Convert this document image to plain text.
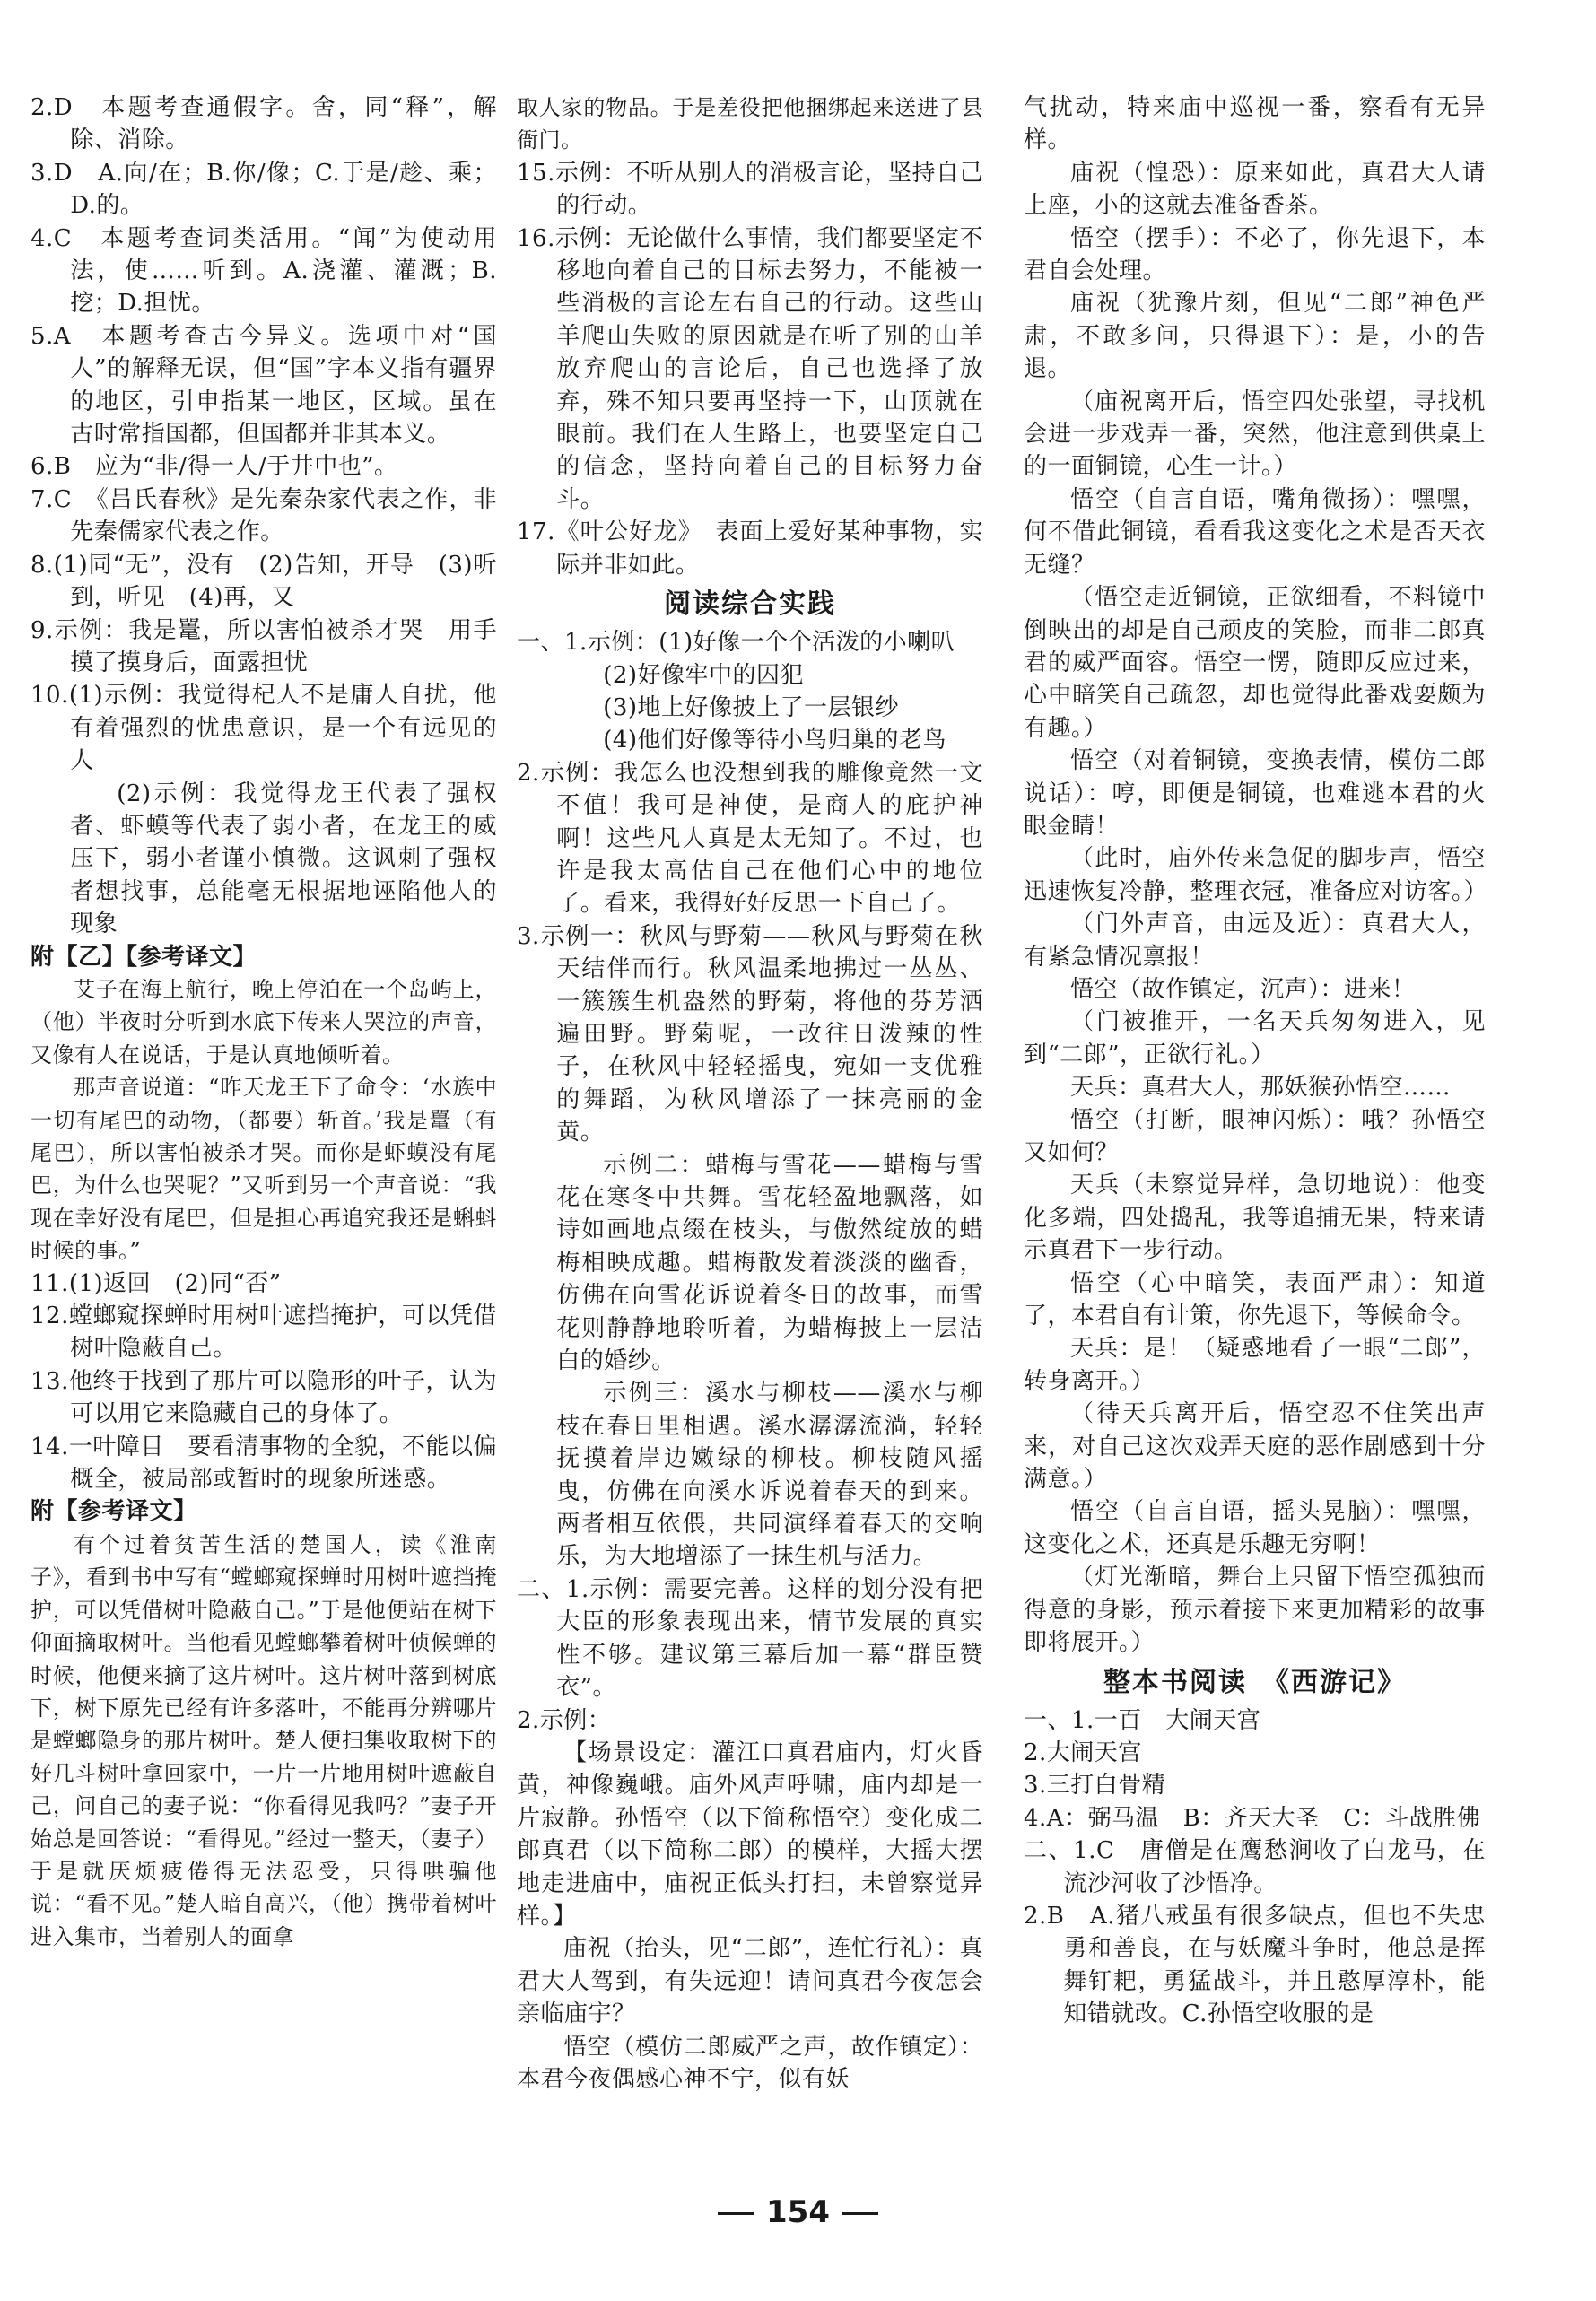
2.D　本题考查通假字。舍，同“释”，解除、消除。

3.D　A.向/在；B.你/像；C.于是/趁、乘；D.的。

4.C　本题考查词类活用。“闻”为使动用法，使……听到。A.浇灌、灌溉；B.挖；D.担忧。

5.A　本题考查古今异义。选项中对“国人”的解释无误，但“国”字本义指有疆界的地区，引申指某一地区，区域。虽在古时常指国都，但国都并非其本义。

6.B　应为“非/得一人/于井中也”。

7.C　《吕氏春秋》是先秦杂家代表之作，非先秦儒家代表之作。

8.(1)同“无”，没有　(2)告知，开导　(3)听到，听见　(4)再，又

9.示例：我是鼍，所以害怕被杀才哭　用手摸了摸身后，面露担忧

10.(1)示例：我觉得杞人不是庸人自扰，他有着强烈的忧患意识，是一个有远见的人

(2)示例：我觉得龙王代表了强权者、虾蟆等代表了弱小者，在龙王的威压下，弱小者谨小慎微。这讽刺了强权者想找事，总能毫无根据地诬陷他人的现象

附【乙】【参考译文】

艾子在海上航行，晚上停泊在一个岛屿上，（他）半夜时分听到水底下传来人哭泣的声音，又像有人在说话，于是认真地倾听着。

那声音说道：“昨天龙王下了命令：‘水族中一切有尾巴的动物，（都要）斩首。’我是鼍（有尾巴），所以害怕被杀才哭。而你是虾蟆没有尾巴，为什么也哭呢？”又听到另一个声音说：“我现在幸好没有尾巴，但是担心再追究我还是蝌蚪时候的事。”

11.(1)返回　(2)同“否”

12.螳螂窥探蝉时用树叶遮挡掩护，可以凭借树叶隐蔽自己。

13.他终于找到了那片可以隐形的叶子，认为可以用它来隐藏自己的身体了。

14.一叶障目　要看清事物的全貌，不能以偏概全，被局部或暂时的现象所迷惑。

附【参考译文】

有个过着贫苦生活的楚国人，读《淮南子》，看到书中写有“螳螂窥探蝉时用树叶遮挡掩护，可以凭借树叶隐蔽自己。”于是他便站在树下仰面摘取树叶。当他看见螳螂攀着树叶侦候蝉的时候，他便来摘了这片树叶。这片树叶落到树底下，树下原先已经有许多落叶，不能再分辨哪片是螳螂隐身的那片树叶。楚人便扫集收取树下的好几斗树叶拿回家中，一片一片地用树叶遮蔽自己，问自己的妻子说：“你看得见我吗？”妻子开始总是回答说：“看得见。”经过一整天，（妻子）于是就厌烦疲倦得无法忍受，只得哄骗他说：“看不见。”楚人暗自高兴，（他）携带着树叶进入集市，当着别人的面拿

取人家的物品。于是差役把他捆绑起来送进了县衙门。

15.示例：不听从别人的消极言论，坚持自己的行动。

16.示例：无论做什么事情，我们都要坚定不移地向着自己的目标去努力，不能被一些消极的言论左右自己的行动。这些山羊爬山失败的原因就是在听了别的山羊放弃爬山的言论后，自己也选择了放弃，殊不知只要再坚持一下，山顶就在眼前。我们在人生路上，也要坚定自己的信念，坚持向着自己的目标努力奋斗。

17.《叶公好龙》　表面上爱好某种事物，实际并非如此。

阅读综合实践

一、1.示例：(1)好像一个个活泼的小喇叭

(2)好像牢中的囚犯

(3)地上好像披上了一层银纱

(4)他们好像等待小鸟归巢的老鸟

2.示例：我怎么也没想到我的雕像竟然一文不值！我可是神使，是商人的庇护神啊！这些凡人真是太无知了。不过，也许是我太高估自己在他们心中的地位了。看来，我得好好反思一下自己了。

3.示例一：秋风与野菊——秋风与野菊在秋天结伴而行。秋风温柔地拂过一丛丛、一簇簇生机盎然的野菊，将他的芬芳洒遍田野。野菊呢，一改往日泼辣的性子，在秋风中轻轻摇曳，宛如一支优雅的舞蹈，为秋风增添了一抹亮丽的金黄。

示例二：蜡梅与雪花——蜡梅与雪花在寒冬中共舞。雪花轻盈地飘落，如诗如画地点缀在枝头，与傲然绽放的蜡梅相映成趣。蜡梅散发着淡淡的幽香，仿佛在向雪花诉说着冬日的故事，而雪花则静静地聆听着，为蜡梅披上一层洁白的婚纱。

示例三：溪水与柳枝——溪水与柳枝在春日里相遇。溪水潺潺流淌，轻轻抚摸着岸边嫩绿的柳枝。柳枝随风摇曳，仿佛在向溪水诉说着春天的到来。两者相互依偎，共同演绎着春天的交响乐，为大地增添了一抹生机与活力。

二、1.示例：需要完善。这样的划分没有把大臣的形象表现出来，情节发展的真实性不够。建议第三幕后加一幕“群臣赞衣”。

2.示例：

【场景设定：灌江口真君庙内，灯火昏黄，神像巍峨。庙外风声呼啸，庙内却是一片寂静。孙悟空（以下简称悟空）变化成二郎真君（以下简称二郎）的模样，大摇大摆地走进庙中，庙祝正低头打扫，未曾察觉异样。】

庙祝（抬头，见“二郎”，连忙行礼）：真君大人驾到，有失远迎！请问真君今夜怎会亲临庙宇？

悟空（模仿二郎威严之声，故作镇定）：本君今夜偶感心神不宁，似有妖

气扰动，特来庙中巡视一番，察看有无异样。

庙祝（惶恐）：原来如此，真君大人请上座，小的这就去准备香茶。

悟空（摆手）：不必了，你先退下，本君自会处理。

庙祝（犹豫片刻，但见“二郎”神色严肃，不敢多问，只得退下）：是，小的告退。

（庙祝离开后，悟空四处张望，寻找机会进一步戏弄一番，突然，他注意到供桌上的一面铜镜，心生一计。）

悟空（自言自语，嘴角微扬）：嘿嘿，何不借此铜镜，看看我这变化之术是否天衣无缝？

（悟空走近铜镜，正欲细看，不料镜中倒映出的却是自己顽皮的笑脸，而非二郎真君的威严面容。悟空一愣，随即反应过来，心中暗笑自己疏忽，却也觉得此番戏耍颇为有趣。）

悟空（对着铜镜，变换表情，模仿二郎说话）：哼，即便是铜镜，也难逃本君的火眼金睛！

（此时，庙外传来急促的脚步声，悟空迅速恢复冷静，整理衣冠，准备应对访客。）

（门外声音，由远及近）：真君大人，有紧急情况禀报！

悟空（故作镇定，沉声）：进来！

（门被推开，一名天兵匆匆进入，见到“二郎”，正欲行礼。）

天兵：真君大人，那妖猴孙悟空……

悟空（打断，眼神闪烁）：哦？孙悟空又如何？

天兵（未察觉异样，急切地说）：他变化多端，四处捣乱，我等追捕无果，特来请示真君下一步行动。

悟空（心中暗笑，表面严肃）：知道了，本君自有计策，你先退下，等候命令。

天兵：是！（疑惑地看了一眼“二郎”，转身离开。）

（待天兵离开后，悟空忍不住笑出声来，对自己这次戏弄天庭的恶作剧感到十分满意。）

悟空（自言自语，摇头晃脑）：嘿嘿，这变化之术，还真是乐趣无穷啊！

（灯光渐暗，舞台上只留下悟空孤独而得意的身影，预示着接下来更加精彩的故事即将展开。）

整本书阅读　《西游记》

一、1.一百　大闹天宫

2.大闹天宫

3.三打白骨精

4.A：弼马温　B：齐天大圣　C：斗战胜佛

二、1.C　唐僧是在鹰愁涧收了白龙马，在流沙河收了沙悟净。

2.B　A.猪八戒虽有很多缺点，但也不失忠勇和善良，在与妖魔斗争时，他总是挥舞钉耙，勇猛战斗，并且憨厚淳朴，能知错就改。C.孙悟空收服的是

154
